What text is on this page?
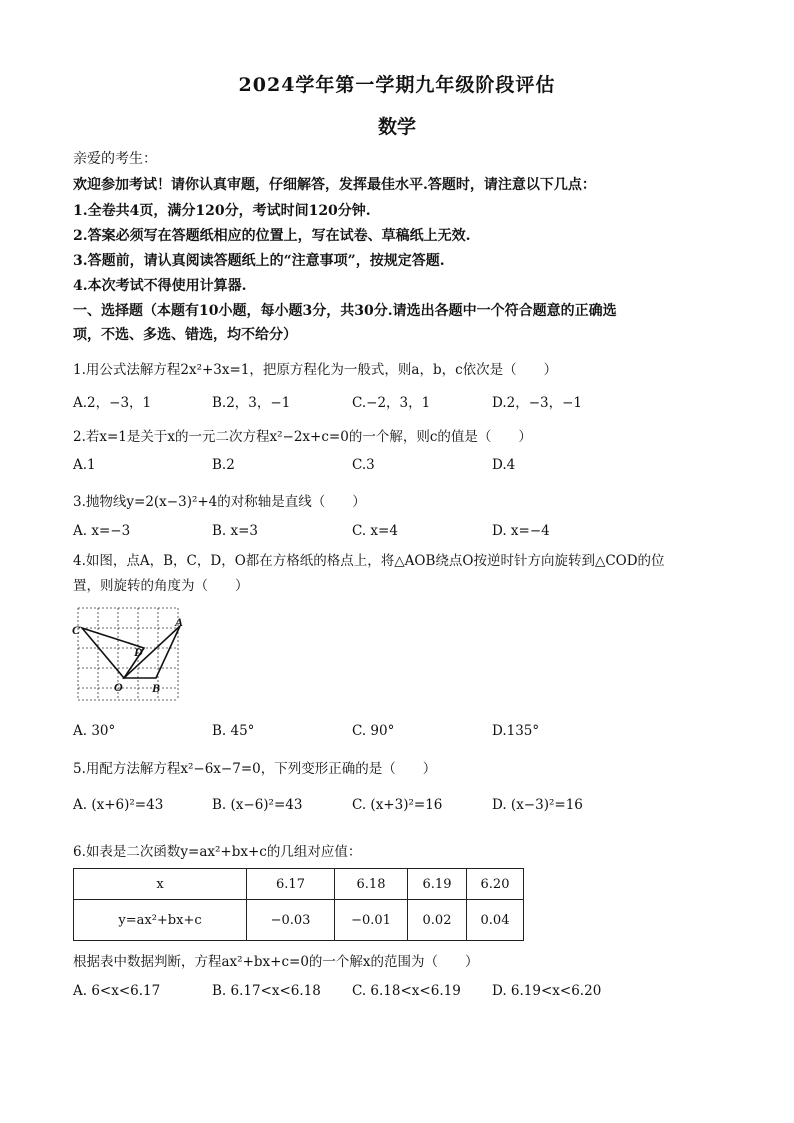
2024学年第一学期九年级阶段评估
数学
亲爱的考生：
欢迎参加考试！请你认真审题，仔细解答，发挥最佳水平.答题时，请注意以下几点：
1.全卷共4页，满分120分，考试时间120分钟.
2.答案必须写在答题纸相应的位置上，写在试卷、草稿纸上无效.
3.答题前，请认真阅读答题纸上的“注意事项”，按规定答题.
4.本次考试不得使用计算器.
一、选择题（本题有10小题，每小题3分，共30分.请选出各题中一个符合题意的正确选
项，不选、多选、错选，均不给分）
1.用公式法解方程2x²+3x=1，把原方程化为一般式，则a，b，c依次是（　　）
A.2，−3，1	B.2，3，−1	C.−2，3，1	D.2，−3，−1
2.若x=1是关于x的一元二次方程x²−2x+c=0的一个解，则c的值是（　　）
A.1	B.2	C.3	D.4
3.抛物线y=2(x−3)²+4的对称轴是直线（　　）
A. x=−3	B. x=3	C. x=4	D. x=−4
4.如图，点A，B，C，D，O都在方格纸的格点上，将△AOB绕点O按逆时针方向旋转到△COD的位
置，则旋转的角度为（　　）
C
A
D
O B
A. 30°	B. 45°	C. 90°	D.135°
5.用配方法解方程x²−6x−7=0，下列变形正确的是（　　）
A. (x+6)²=43	B. (x−6)²=43	C. (x+3)²=16	D. (x−3)²=16
6.如表是二次函数y=ax²+bx+c的几组对应值：
x	6.17	6.18	6.19	6.20
y=ax²+bx+c	−0.03	−0.01	0.02	0.04
根据表中数据判断，方程ax²+bx+c=0的一个解x的范围为（　　）
A. 6<x<6.17	B. 6.17<x<6.18 C. 6.18<x<6.19 D. 6.19<x<6.20
